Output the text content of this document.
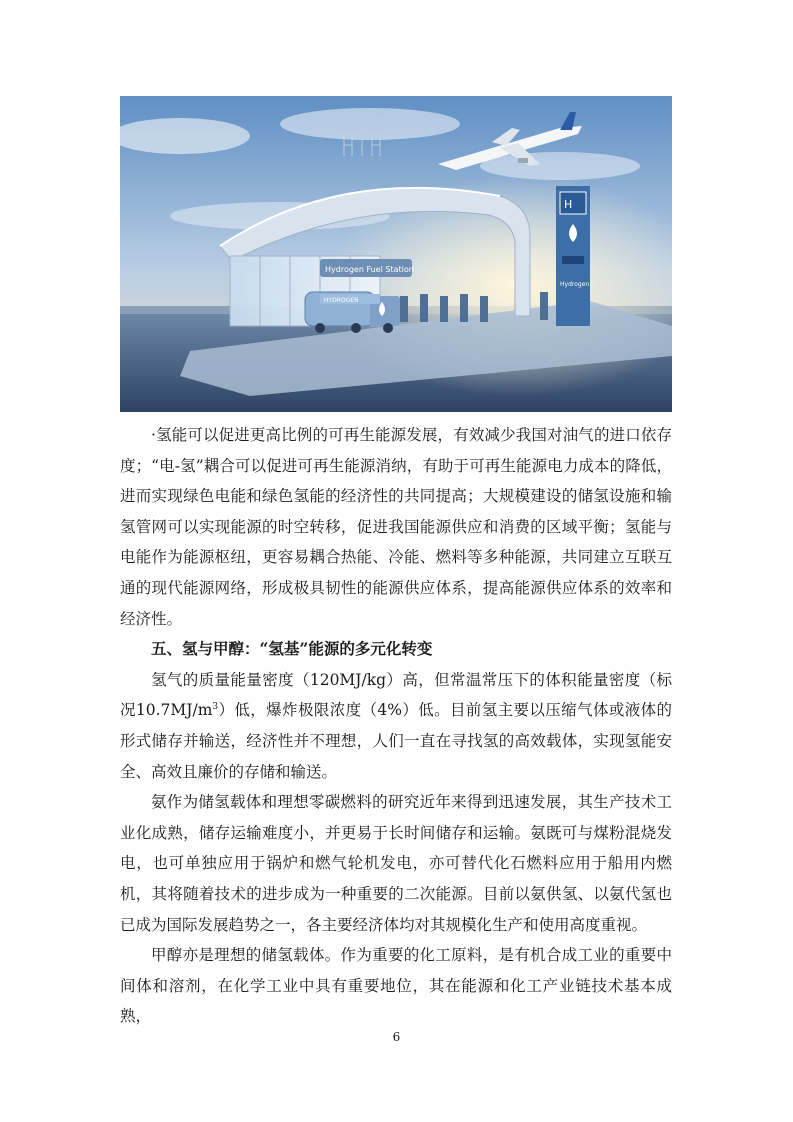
Hydrogen Fuel Station
HYDROGEN
H
Hydrogen

·氢能可以促进更高比例的可再生能源发展，有效减少我国对油气的进口依存度；“电-氢”耦合可以促进可再生能源消纳，有助于可再生能源电力成本的降低，进而实现绿色电能和绿色氢能的经济性的共同提高；大规模建设的储氢设施和输氢管网可以实现能源的时空转移，促进我国能源供应和消费的区域平衡；氢能与电能作为能源枢纽，更容易耦合热能、冷能、燃料等多种能源，共同建立互联互通的现代能源网络，形成极具韧性的能源供应体系，提高能源供应体系的效率和经济性。

五、氢与甲醇：“氢基”能源的多元化转变

氢气的质量能量密度（120MJ/kg）高，但常温常压下的体积能量密度（标况$10.7MJ/m^3$）低，爆炸极限浓度（4%）低。目前氢主要以压缩气体或液体的形式储存并输送，经济性并不理想，人们一直在寻找氢的高效载体，实现氢能安全、高效且廉价的存储和输送。

氨作为储氢载体和理想零碳燃料的研究近年来得到迅速发展，其生产技术工业化成熟，储存运输难度小，并更易于长时间储存和运输。氨既可与煤粉混烧发电，也可单独应用于锅炉和燃气轮机发电，亦可替代化石燃料应用于船用内燃机，其将随着技术的进步成为一种重要的二次能源。目前以氨供氢、以氨代氢也已成为国际发展趋势之一，各主要经济体均对其规模化生产和使用高度重视。

甲醇亦是理想的储氢载体。作为重要的化工原料，是有机合成工业的重要中间体和溶剂，在化学工业中具有重要地位，其在能源和化工产业链技术基本成熟，

6
